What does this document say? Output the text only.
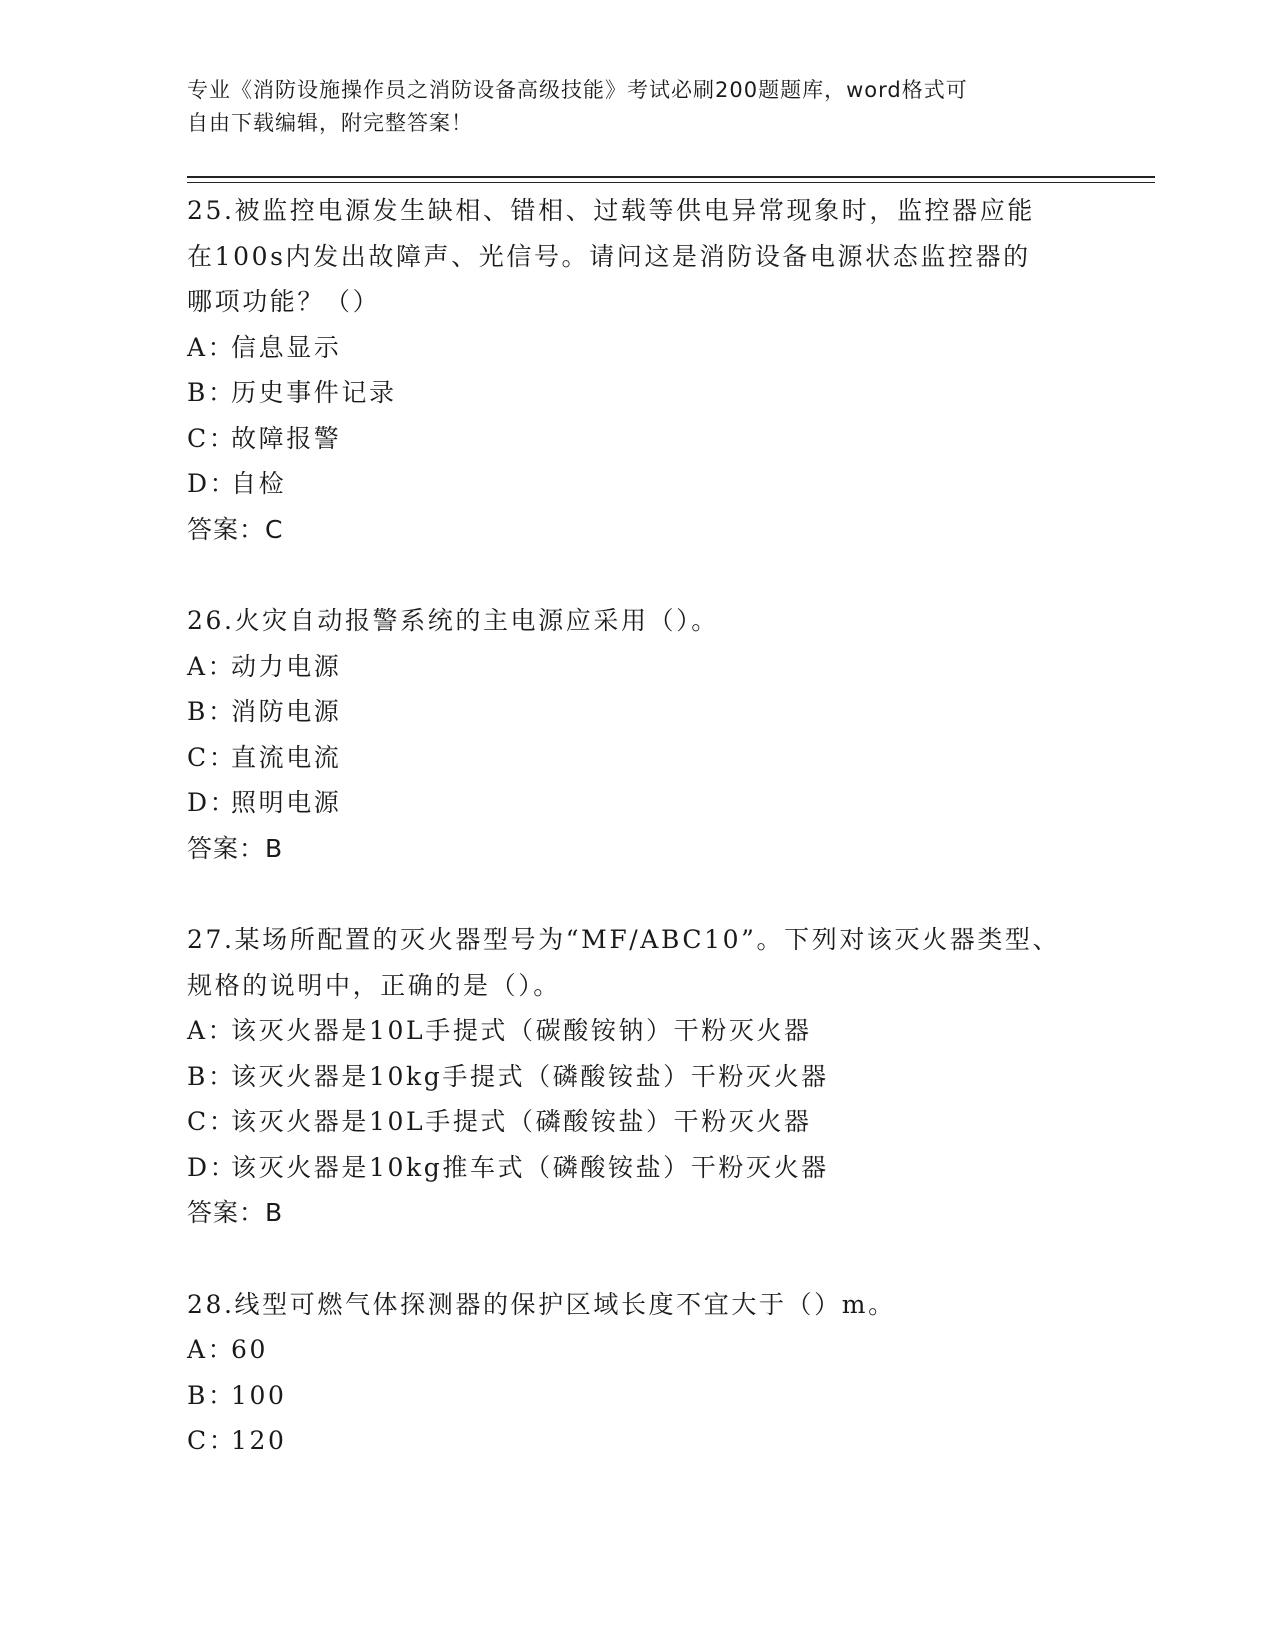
专业《消防设施操作员之消防设备高级技能》考试必刷200题题库，word格式可
自由下载编辑，附完整答案！
25.被监控电源发生缺相、错相、过载等供电异常现象时，监控器应能
在100s内发出故障声、光信号。请问这是消防设备电源状态监控器的
哪项功能？（）
A：信息显示
B：历史事件记录
C：故障报警
D：自检
答案：C
26.火灾自动报警系统的主电源应采用（）。
A：动力电源
B：消防电源
C：直流电流
D：照明电源
答案：B
27.某场所配置的灭火器型号为“MF/ABC10”。下列对该灭火器类型、
规格的说明中，正确的是（）。
A：该灭火器是10L手提式（碳酸铵钠）干粉灭火器
B：该灭火器是10kg手提式（磷酸铵盐）干粉灭火器
C：该灭火器是10L手提式（磷酸铵盐）干粉灭火器
D：该灭火器是10kg推车式（磷酸铵盐）干粉灭火器
答案：B
28.线型可燃气体探测器的保护区域长度不宜大于（）m。
A：60
B：100
C：120
